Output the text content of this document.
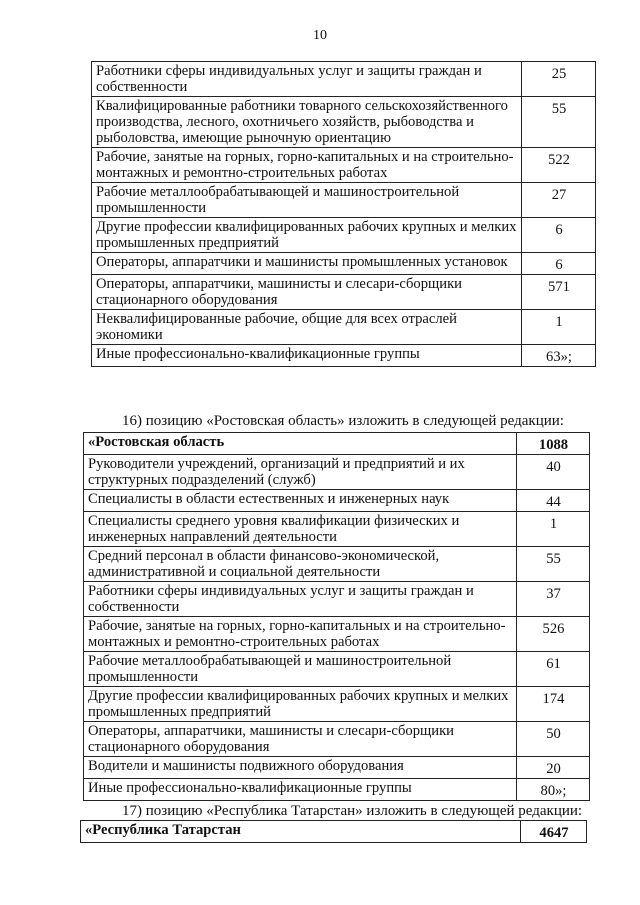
10
Работники сферы индивидуальных услуг и защиты граждан и собственности	25
Квалифицированные работники товарного сельскохозяйственного производства, лесного, охотничьего хозяйств, рыбоводства и рыболовства, имеющие рыночную ориентацию	55
Рабочие, занятые на горных, горно-капитальных и на строительно-монтажных и ремонтно-строительных работах	522
Рабочие металлообрабатывающей и машиностроительной промышленности	27
Другие профессии квалифицированных рабочих крупных и мелких промышленных предприятий	6
Операторы, аппаратчики и машинисты промышленных установок	6
Операторы, аппаратчики, машинисты и слесари-сборщики стационарного оборудования	571
Неквалифицированные рабочие, общие для всех отраслей экономики	1
Иные профессионально-квалификационные группы	63»;
16) позицию «Ростовская область» изложить в следующей редакции:
«Ростовская область	1088
Руководители учреждений, организаций и предприятий и их структурных подразделений (служб)	40
Специалисты в области естественных и инженерных наук	44
Специалисты среднего уровня квалификации физических и инженерных направлений деятельности	1
Средний персонал в области финансово-экономической, административной и социальной деятельности	55
Работники сферы индивидуальных услуг и защиты граждан и собственности	37
Рабочие, занятые на горных, горно-капитальных и на строительно-монтажных и ремонтно-строительных работах	526
Рабочие металлообрабатывающей и машиностроительной промышленности	61
Другие профессии квалифицированных рабочих крупных и мелких промышленных предприятий	174
Операторы, аппаратчики, машинисты и слесари-сборщики стационарного оборудования	50
Водители и машинисты подвижного оборудования	20
Иные профессионально-квалификационные группы	80»;
17) позицию «Республика Татарстан» изложить в следующей редакции:
«Республика Татарстан	4647
